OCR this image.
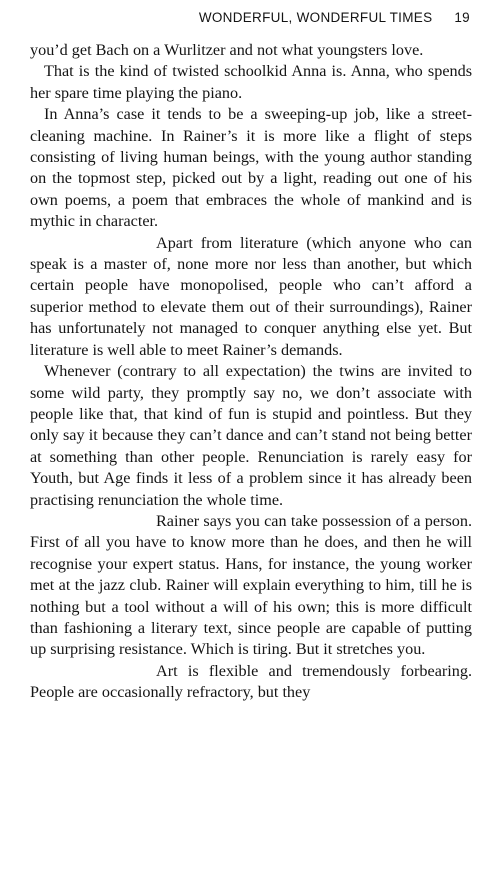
WONDERFUL, WONDERFUL TIMES 19

you’d get Bach on a Wurlitzer and not what youngsters love.

That is the kind of twisted schoolkid Anna is. Anna, who spends her spare time playing the piano.

In Anna’s case it tends to be a sweeping-up job, like a street-cleaning machine. In Rainer’s it is more like a flight of steps consisting of living human beings, with the young author standing on the topmost step, picked out by a light, reading out one of his own poems, a poem that embraces the whole of mankind and is mythic in character.

Apart from literature (which anyone who can speak is a master of, none more nor less than another, but which certain people have monopolised, people who can’t afford a superior method to elevate them out of their surroundings), Rainer has unfortunately not managed to conquer anything else yet. But literature is well able to meet Rainer’s demands.

Whenever (contrary to all expectation) the twins are invited to some wild party, they promptly say no, we don’t associate with people like that, that kind of fun is stupid and pointless. But they only say it because they can’t dance and can’t stand not being better at something than other people. Renunciation is rarely easy for Youth, but Age finds it less of a problem since it has already been practising renunciation the whole time.

Rainer says you can take possession of a person. First of all you have to know more than he does, and then he will recognise your expert status. Hans, for instance, the young worker met at the jazz club. Rainer will explain everything to him, till he is nothing but a tool without a will of his own; this is more difficult than fashioning a literary text, since people are capable of putting up surprising resistance. Which is tiring. But it stretches you.

Art is flexible and tremendously forbearing. People are occasionally refractory, but they
